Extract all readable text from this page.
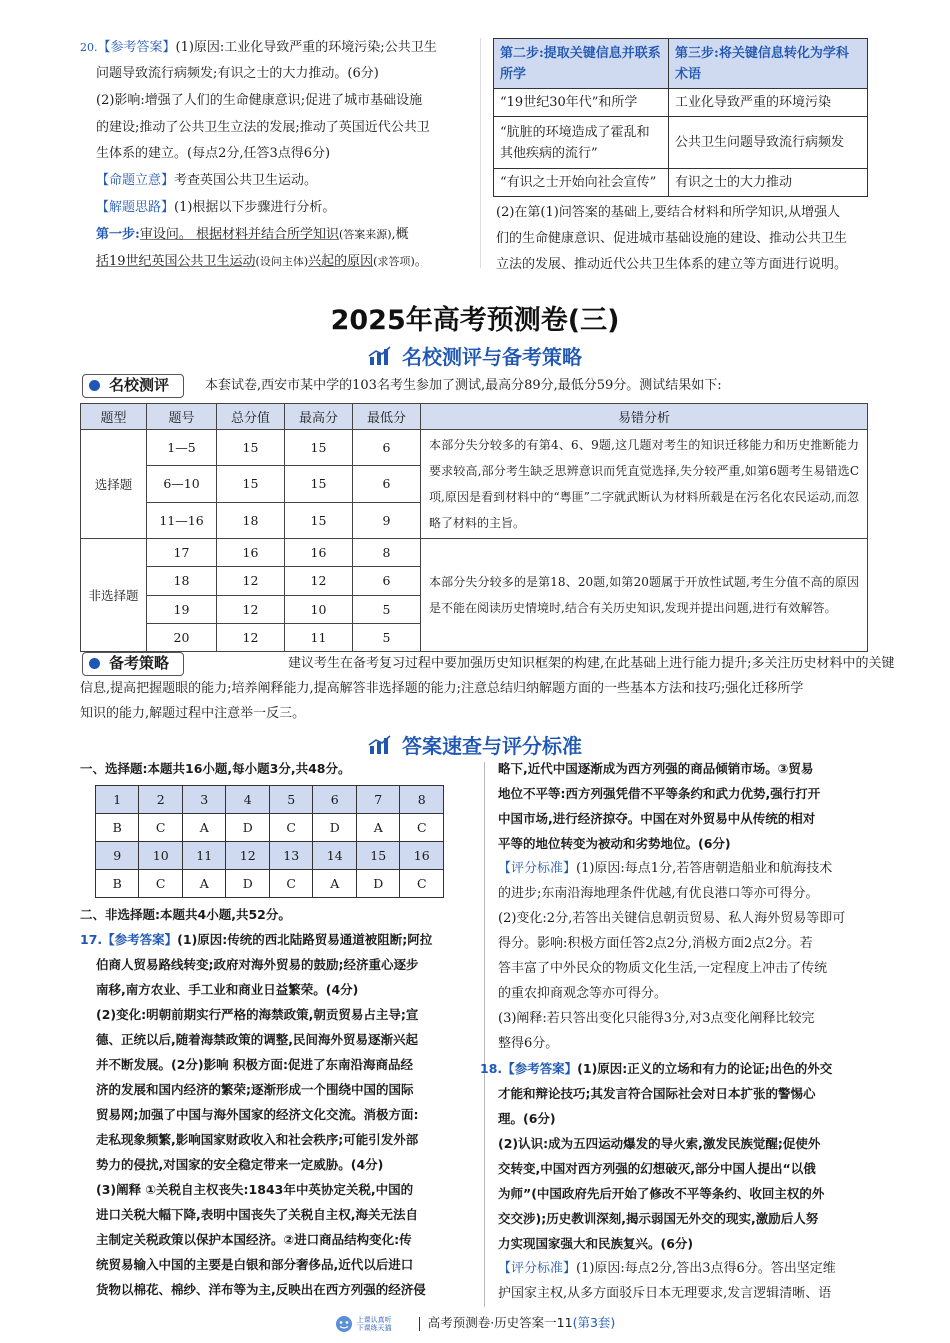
20.【参考答案】(1)原因:工业化导致严重的环境污染;公共卫生
问题导致流行病频发;有识之士的大力推动。(6分)
(2)影响:增强了人们的生命健康意识;促进了城市基础设施
的建设;推动了公共卫生立法的发展;推动了英国近代公共卫
生体系的建立。(每点2分,任答3点得6分)
【命题立意】考查英国公共卫生运动。
【解题思路】(1)根据以下步骤进行分析。
第一步:审设问。 根据材料并结合所学知识(答案来源),概
括19世纪英国公共卫生运动(设问主体)兴起的原因(求答项)。
第二步:提取关键信息并联系所学	第三步:将关键信息转化为学科术语
“19世纪30年代”和所学	工业化导致严重的环境污染
“肮脏的环境造成了霍乱和其他疾病的流行”	公共卫生问题导致流行病频发
“有识之士开始向社会宣传”	有识之士的大力推动
(2)在第(1)问答案的基础上,要结合材料和所学知识,从增强人
们的生命健康意识、促进城市基础设施的建设、推动公共卫生
立法的发展、推动近代公共卫生体系的建立等方面进行说明。
2025年高考预测卷(三)
名校测评与备考策略
名校测评	本套试卷,西安市某中学的103名考生参加了测试,最高分89分,最低分59分。测试结果如下:
题型	题号	总分值	最高分	最低分	易错分析
选择题	1—5	15	15	6	本部分失分较多的有第4、6、9题,这几题对考生的知识迁移能力和历史推断能力要求较高,部分考生缺乏思辨意识而凭直觉选择,失分较严重,如第6题考生易错选C项,原因是看到材料中的“粤匪”二字就武断认为材料所载是在污名化农民运动,而忽略了材料的主旨。
	6—10	15	15	6	
	11—16	18	15	9	
非选择题	17	16	16	8	本部分失分较多的是第18、20题,如第20题属于开放性试题,考生分值不高的原因是不能在阅读历史情境时,结合有关历史知识,发现并提出问题,进行有效解答。
	18	12	12	6	
	19	12	10	5	
	20	12	11	5	
备考策略	建议考生在备考复习过程中要加强历史知识框架的构建,在此基础上进行能力提升;多关注历史材料中的关键
信息,提高把握题眼的能力;培养阐释能力,提高解答非选择题的能力;注意总结归纳解题方面的一些基本方法和技巧;强化迁移所学
知识的能力,解题过程中注意举一反三。
答案速查与评分标准
一、选择题:本题共16小题,每小题3分,共48分。
1	2	3	4	5	6	7	8
B	C	A	D	C	D	A	C
9	10	11	12	13	14	15	16
B	C	A	D	C	A	D	C
二、非选择题:本题共4小题,共52分。
17.【参考答案】(1)原因:传统的西北陆路贸易通道被阻断;阿拉
伯商人贸易路线转变;政府对海外贸易的鼓励;经济重心逐步
南移,南方农业、手工业和商业日益繁荣。(4分)
(2)变化:明朝前期实行严格的海禁政策,朝贡贸易占主导;宣
德、正统以后,随着海禁政策的调整,民间海外贸易逐渐兴起
并不断发展。(2分)影响 积极方面:促进了东南沿海商品经
济的发展和国内经济的繁荣;逐渐形成一个围绕中国的国际
贸易网;加强了中国与海外国家的经济文化交流。消极方面:
走私现象频繁,影响国家财政收入和社会秩序;可能引发外部
势力的侵扰,对国家的安全稳定带来一定威胁。(4分)
(3)阐释 ①关税自主权丧失:1843年中英协定关税,中国的
进口关税大幅下降,表明中国丧失了关税自主权,海关无法自
主制定关税政策以保护本国经济。②进口商品结构变化:传
统贸易输入中国的主要是白银和部分奢侈品,近代以后进口
货物以棉花、棉纱、洋布等为主,反映出在西方列强的经济侵
略下,近代中国逐渐成为西方列强的商品倾销市场。③贸易
地位不平等:西方列强凭借不平等条约和武力优势,强行打开
中国市场,进行经济掠夺。中国在对外贸易中从传统的相对
平等的地位转变为被动和劣势地位。(6分)
【评分标准】(1)原因:每点1分,若答唐朝造船业和航海技术
的进步;东南沿海地理条件优越,有优良港口等亦可得分。
(2)变化:2分,若答出关键信息朝贡贸易、私人海外贸易等即可
得分。影响:积极方面任答2点2分,消极方面2点2分。若
答丰富了中外民众的物质文化生活,一定程度上冲击了传统
的重农抑商观念等亦可得分。
(3)阐释:若只答出变化只能得3分,对3点变化阐释比较完
整得6分。
18.【参考答案】(1)原因:正义的立场和有力的论证;出色的外交
才能和辩论技巧;其发言符合国际社会对日本扩张的警惕心
理。(6分)
(2)认识:成为五四运动爆发的导火索,激发民族觉醒;促使外
交转变,中国对西方列强的幻想破灭,部分中国人提出“以俄
为师”(中国政府先后开始了修改不平等条约、收回主权的外
交交涉);历史教训深刻,揭示弱国无外交的现实,激励后人努
力实现国家强大和民族复兴。(6分)
【评分标准】(1)原因:每点2分,答出3点得6分。答出坚定维
护国家主权,从多方面驳斥日本无理要求,发言逻辑清晰、语
上课认真听
下课练天猫	高考预测卷·历史答案一11(第3套)
